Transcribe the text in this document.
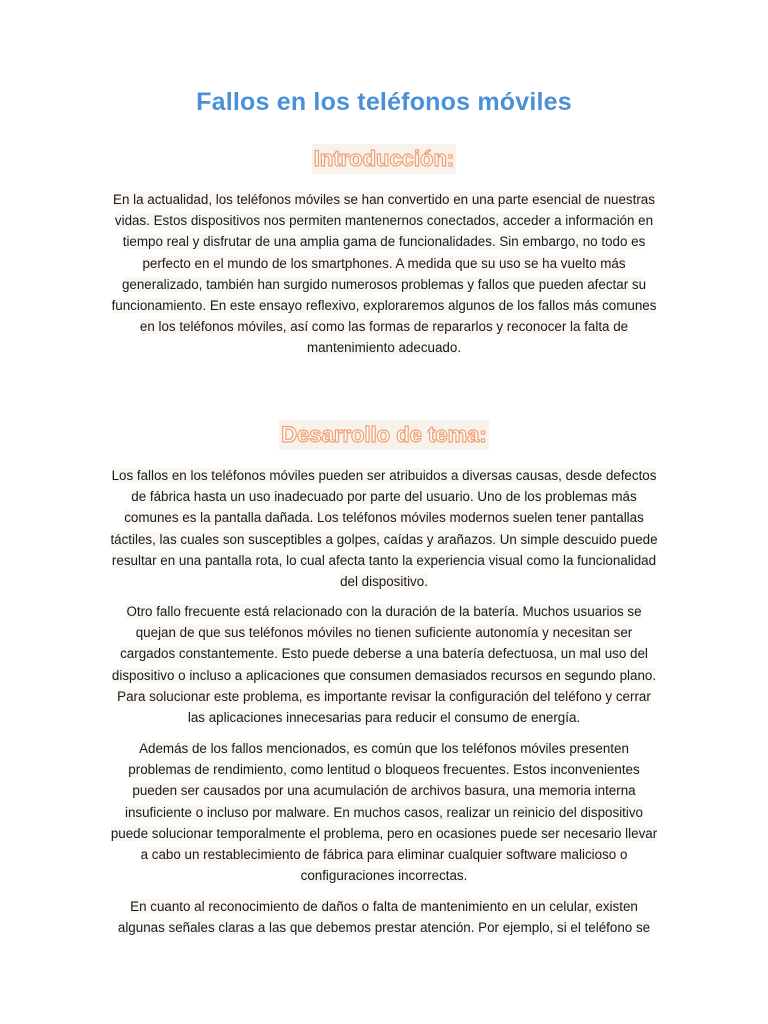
Fallos en los teléfonos móviles
Introducción:

En la actualidad, los teléfonos móviles se han convertido en una parte esencial de nuestras vidas. Estos dispositivos nos permiten mantenernos conectados, acceder a información en tiempo real y disfrutar de una amplia gama de funcionalidades. Sin embargo, no todo es perfecto en el mundo de los smartphones. A medida que su uso se ha vuelto más generalizado, también han surgido numerosos problemas y fallos que pueden afectar su funcionamiento. En este ensayo reflexivo, exploraremos algunos de los fallos más comunes en los teléfonos móviles, así como las formas de repararlos y reconocer la falta de mantenimiento adecuado.

Desarrollo de tema:

Los fallos en los teléfonos móviles pueden ser atribuidos a diversas causas, desde defectos de fábrica hasta un uso inadecuado por parte del usuario. Uno de los problemas más comunes es la pantalla dañada. Los teléfonos móviles modernos suelen tener pantallas táctiles, las cuales son susceptibles a golpes, caídas y arañazos. Un simple descuido puede resultar en una pantalla rota, lo cual afecta tanto la experiencia visual como la funcionalidad del dispositivo.

Otro fallo frecuente está relacionado con la duración de la batería. Muchos usuarios se quejan de que sus teléfonos móviles no tienen suficiente autonomía y necesitan ser cargados constantemente. Esto puede deberse a una batería defectuosa, un mal uso del dispositivo o incluso a aplicaciones que consumen demasiados recursos en segundo plano. Para solucionar este problema, es importante revisar la configuración del teléfono y cerrar las aplicaciones innecesarias para reducir el consumo de energía.

Además de los fallos mencionados, es común que los teléfonos móviles presenten problemas de rendimiento, como lentitud o bloqueos frecuentes. Estos inconvenientes pueden ser causados por una acumulación de archivos basura, una memoria interna insuficiente o incluso por malware. En muchos casos, realizar un reinicio del dispositivo puede solucionar temporalmente el problema, pero en ocasiones puede ser necesario llevar a cabo un restablecimiento de fábrica para eliminar cualquier software malicioso o configuraciones incorrectas.

En cuanto al reconocimiento de daños o falta de mantenimiento en un celular, existen algunas señales claras a las que debemos prestar atención. Por ejemplo, si el teléfono se
